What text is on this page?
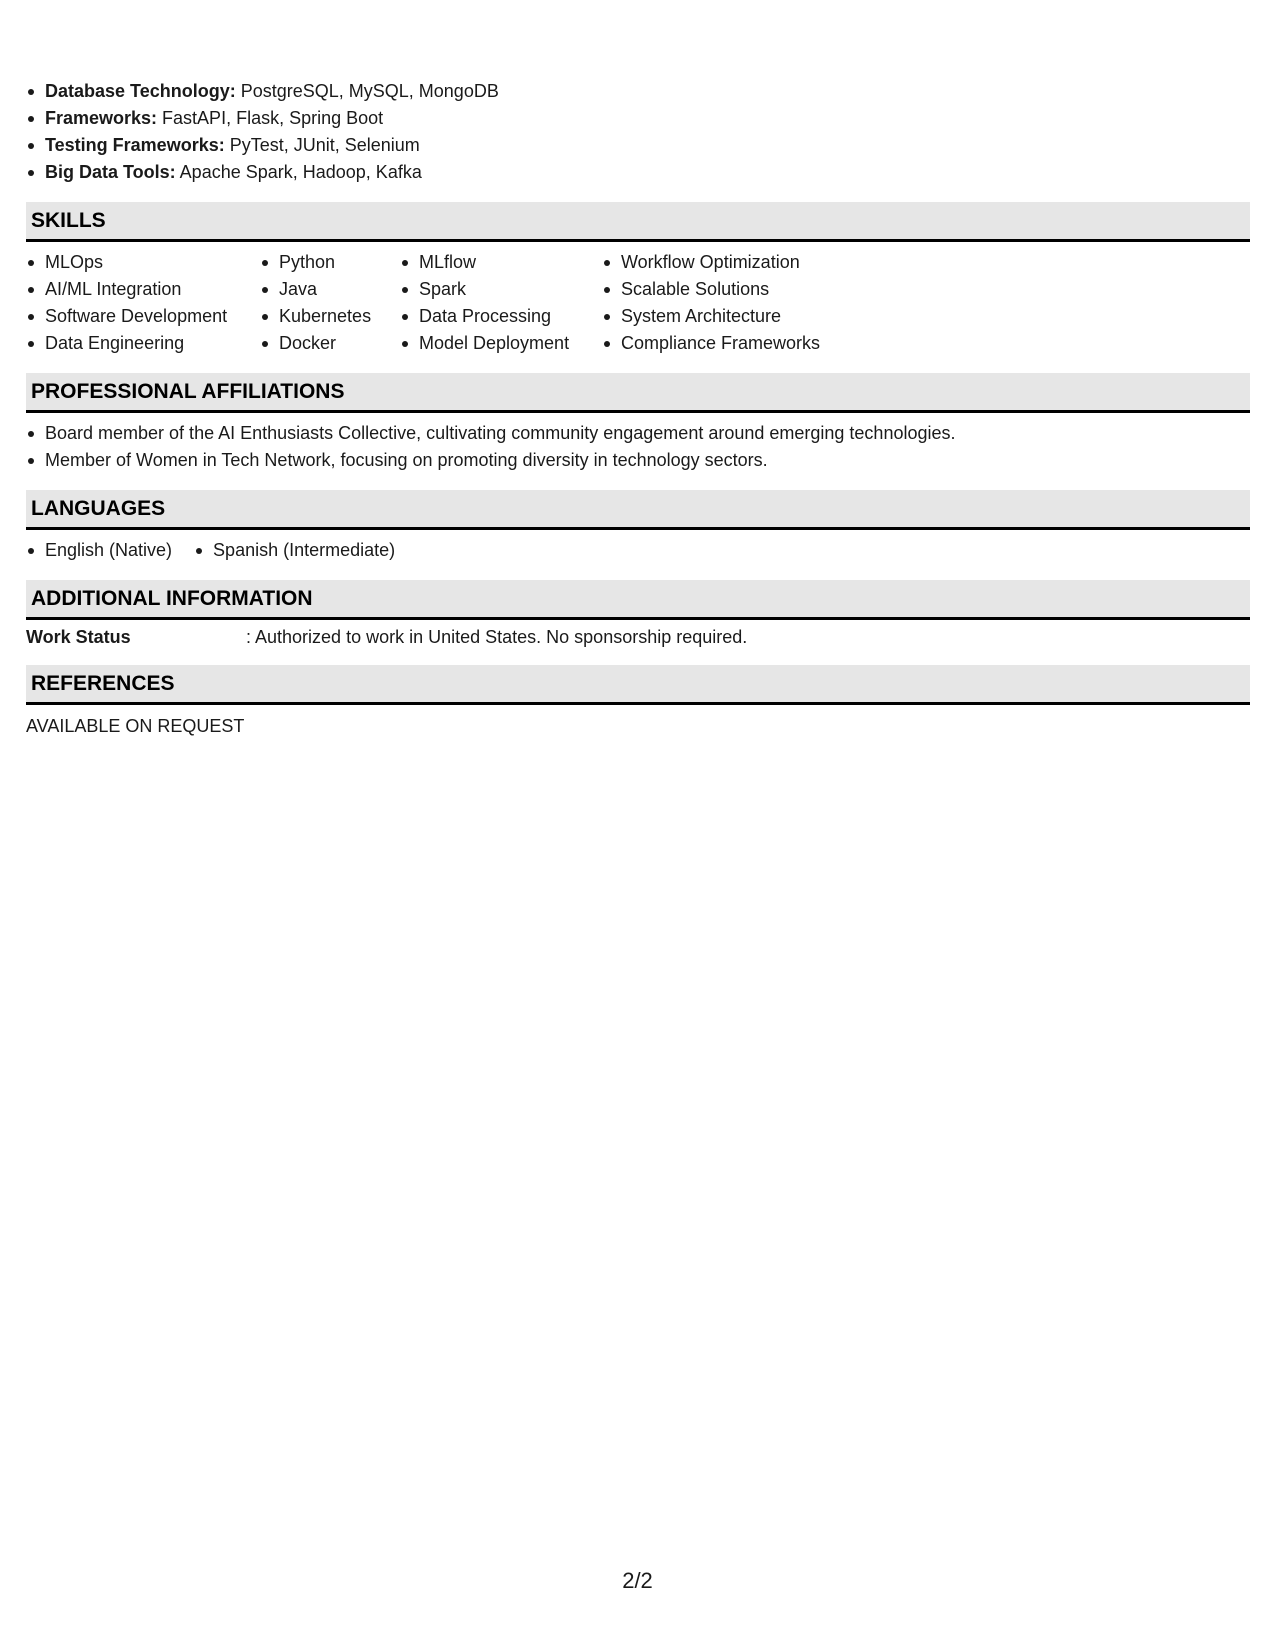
Database Technology: PostgreSQL, MySQL, MongoDB
Frameworks: FastAPI, Flask, Spring Boot
Testing Frameworks: PyTest, JUnit, Selenium
Big Data Tools: Apache Spark, Hadoop, Kafka
SKILLS
MLOps
AI/ML Integration
Software Development
Data Engineering
Python
Java
Kubernetes
Docker
MLflow
Spark
Data Processing
Model Deployment
Workflow Optimization
Scalable Solutions
System Architecture
Compliance Frameworks
PROFESSIONAL AFFILIATIONS
Board member of the AI Enthusiasts Collective, cultivating community engagement around emerging technologies.
Member of Women in Tech Network, focusing on promoting diversity in technology sectors.
LANGUAGES
English (Native)	Spanish (Intermediate)
ADDITIONAL INFORMATION
Work Status	: Authorized to work in United States. No sponsorship required.
REFERENCES
AVAILABLE ON REQUEST
2/2
